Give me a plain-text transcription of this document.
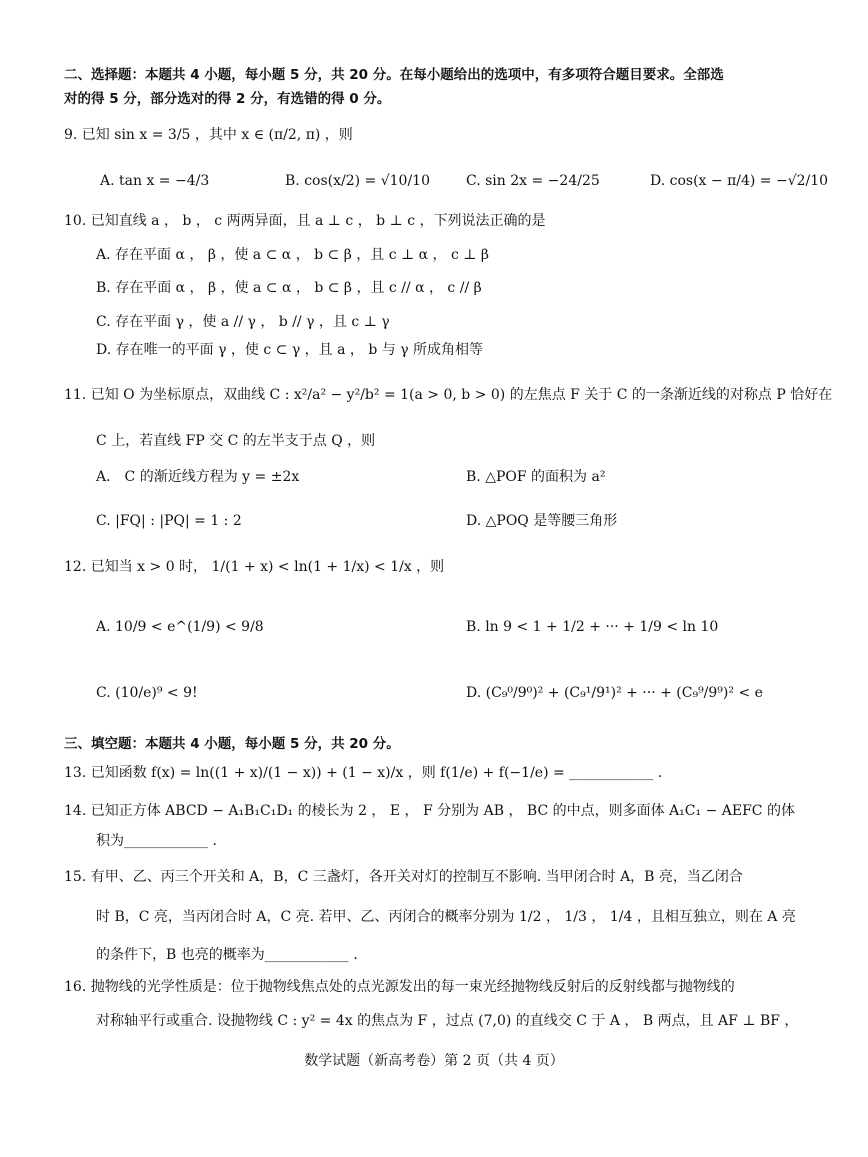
二、选择题：本题共 4 小题，每小题 5 分，共 20 分。在每小题给出的选项中，有多项符合题目要求。全部选
对的得 5 分，部分选对的得 2 分，有选错的得 0 分。
9. 已知 sin x = 3/5 ，其中 x ∈ (π/2, π) ，则
A. tan x = −4/3	B. cos(x/2) = √10/10	C. sin 2x = −24/25	D. cos(x − π/4) = −√2/10
10. 已知直线 a ， b ， c 两两异面，且 a ⊥ c ， b ⊥ c ，下列说法正确的是
A. 存在平面 α ， β ，使 a ⊂ α ， b ⊂ β ，且 c ⊥ α ， c ⊥ β
B. 存在平面 α ， β ，使 a ⊂ α ， b ⊂ β ，且 c // α ， c // β
C. 存在平面 γ ，使 a // γ ， b // γ ，且 c ⊥ γ
D. 存在唯一的平面 γ ，使 c ⊂ γ ，且 a ， b 与 γ 所成角相等
11. 已知 O 为坐标原点，双曲线 C : x²/a² − y²/b² = 1(a > 0, b > 0) 的左焦点 F 关于 C 的一条渐近线的对称点 P 恰好在
C 上，若直线 FP 交 C 的左半支于点 Q ，则
A． C 的渐近线方程为 y = ±2x	B. △POF 的面积为 a²
C. |FQ| : |PQ| = 1 : 2	D. △POQ 是等腰三角形
12. 已知当 x > 0 时， 1/(1 + x) < ln(1 + 1/x) < 1/x ，则
A. 10/9 < e^(1/9) < 9/8	B. ln 9 < 1 + 1/2 + ··· + 1/9 < ln 10
C. (10/e)⁹ < 9!	D. (C₉⁰/9⁰)² + (C₉¹/9¹)² + ··· + (C₉⁹/9⁹)² < e
三、填空题：本题共 4 小题，每小题 5 分，共 20 分。
13. 已知函数 f(x) = ln((1 + x)/(1 − x)) + (1 − x)/x ，则 f(1/e) + f(−1/e) = ____________ .
14. 已知正方体 ABCD − A₁B₁C₁D₁ 的棱长为 2 ， E ， F 分别为 AB ， BC 的中点，则多面体 A₁C₁ − AEFC 的体
积为____________ .
15. 有甲、乙、丙三个开关和 A，B，C 三盏灯，各开关对灯的控制互不影响. 当甲闭合时 A，B 亮，当乙闭合
时 B，C 亮，当丙闭合时 A，C 亮. 若甲、乙、丙闭合的概率分别为 1/2 ， 1/3 ， 1/4 ，且相互独立，则在 A 亮
的条件下，B 也亮的概率为____________ .
16. 抛物线的光学性质是：位于抛物线焦点处的点光源发出的每一束光经抛物线反射后的反射线都与抛物线的
对称轴平行或重合. 设抛物线 C : y² = 4x 的焦点为 F ，过点 (7,0) 的直线交 C 于 A ， B 两点，且 AF ⊥ BF ，
数学试题（新高考卷）第 2 页（共 4 页）
